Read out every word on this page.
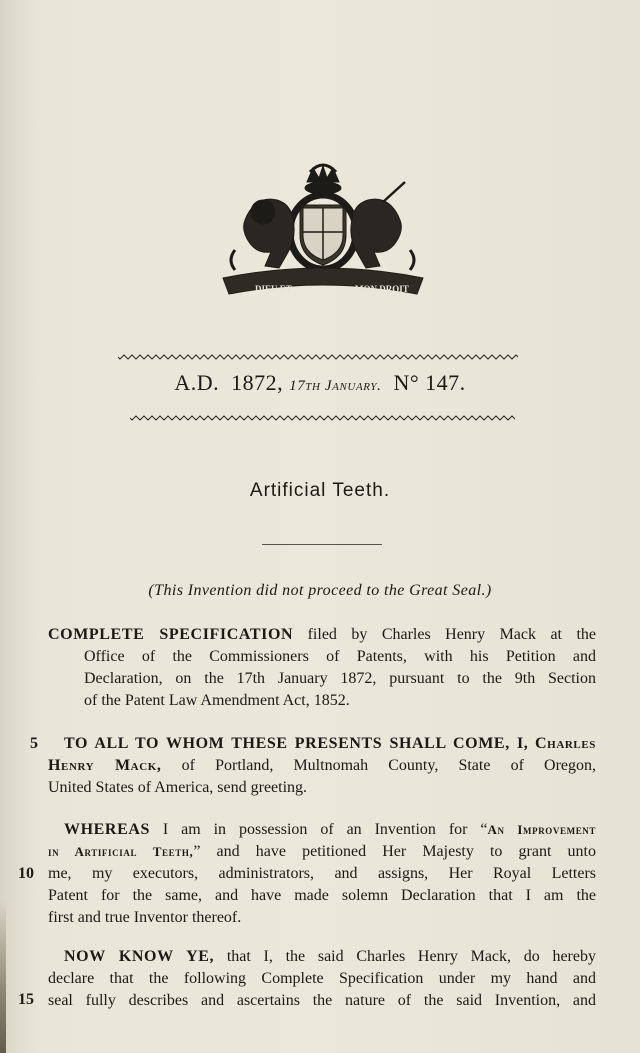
DIEU ET	MON DROIT
A.D. 1872, 17th January. N° 147.
Artificial Teeth.
(This Invention did not proceed to the Great Seal.)
COMPLETE SPECIFICATION filed by Charles Henry Mack at the
Office of the Commissioners of Patents, with his Petition and
Declaration, on the 17th January 1872, pursuant to the 9th Section
of the Patent Law Amendment Act, 1852.
5 TO ALL TO WHOM THESE PRESENTS SHALL COME, I, Charles
Henry Mack, of Portland, Multnomah County, State of Oregon,
United States of America, send greeting.
WHEREAS I am in possession of an Invention for “An Improvement
10
in Artificial Teeth,” and have petitioned Her Majesty to grant unto
me, my executors, administrators, and assigns, Her Royal Letters
Patent for the same, and have made solemn Declaration that I am the
first and true Inventor thereof.
NOW KNOW YE, that I, the said Charles Henry Mack, do hereby
declare that the following Complete Specification under my hand and
seal fully describes and ascertains the nature of the said Invention, and
15
